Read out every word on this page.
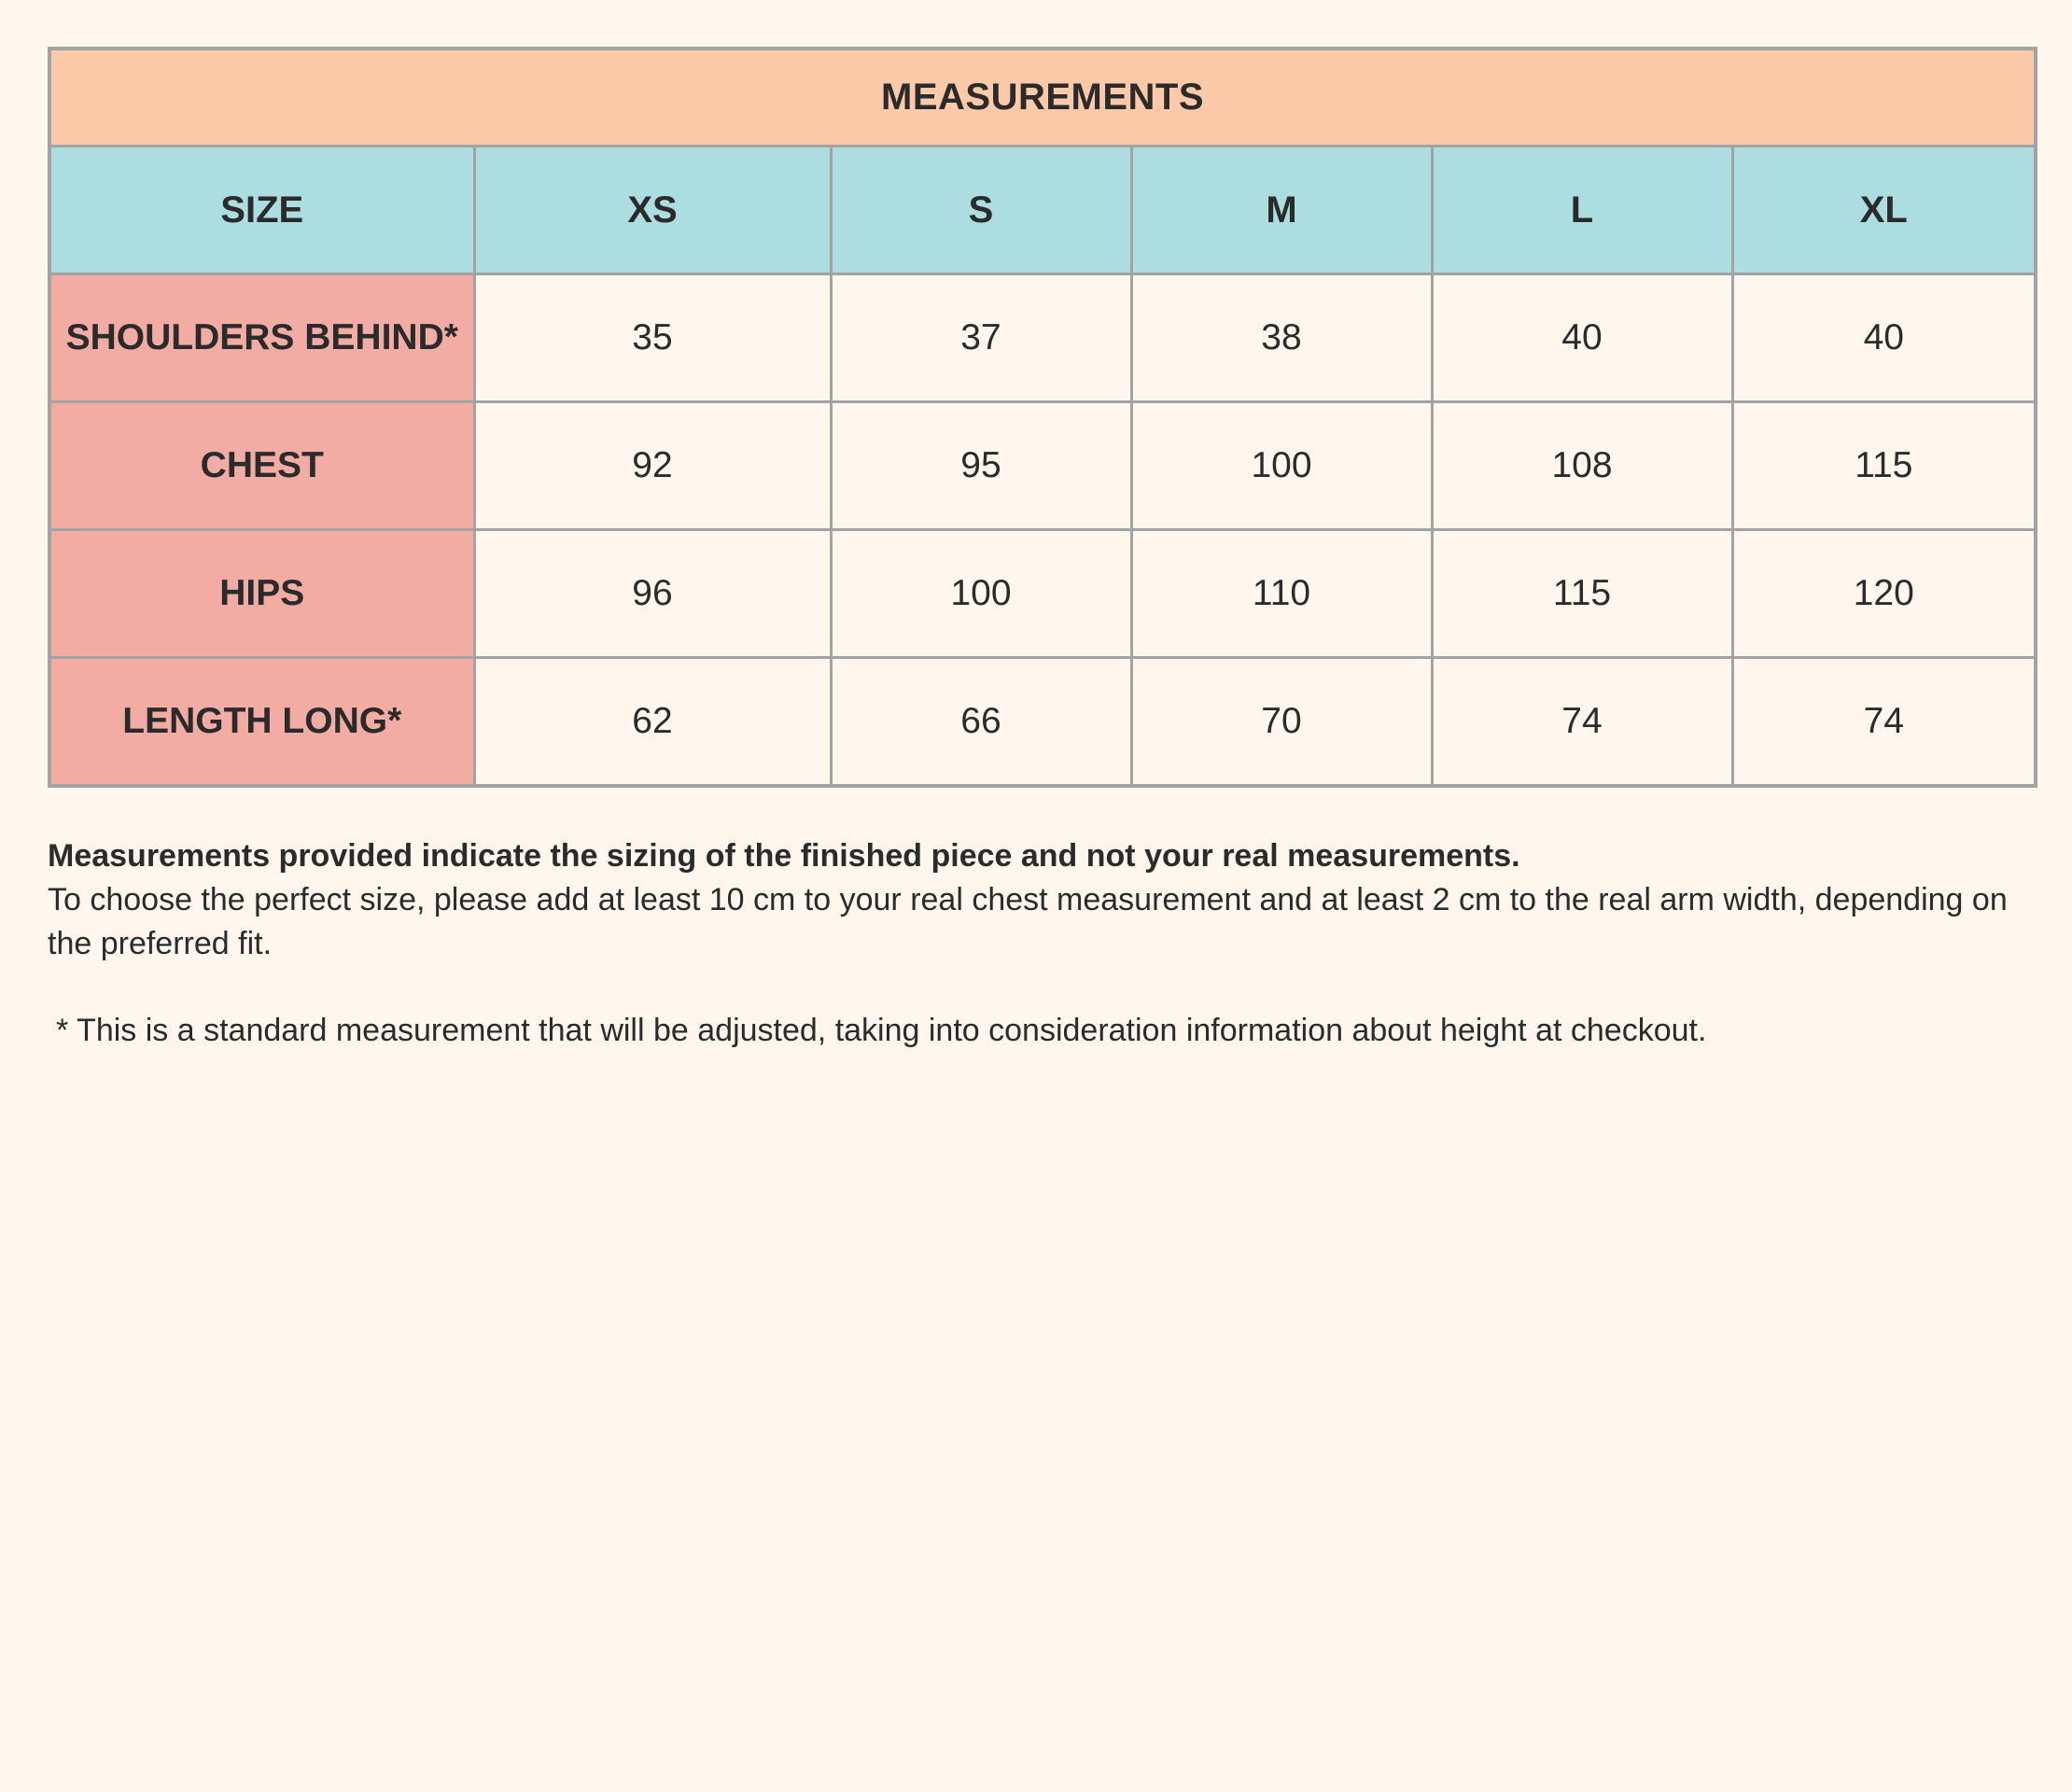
MEASUREMENTS					
SIZE	XS	S	M	L	XL
SHOULDERS BEHIND*	35	37	38	40	40
CHEST	92	95	100	108	115
HIPS	96	100	110	115	120
LENGTH LONG*	62	66	70	74	74
Measurements provided indicate the sizing of the finished piece and not your real measurements.
To choose the perfect size, please add at least 10 cm to your real chest measurement and at least 2 cm to the real arm width, depending on the preferred fit.
* This is a standard measurement that will be adjusted, taking into consideration information about height at checkout.
